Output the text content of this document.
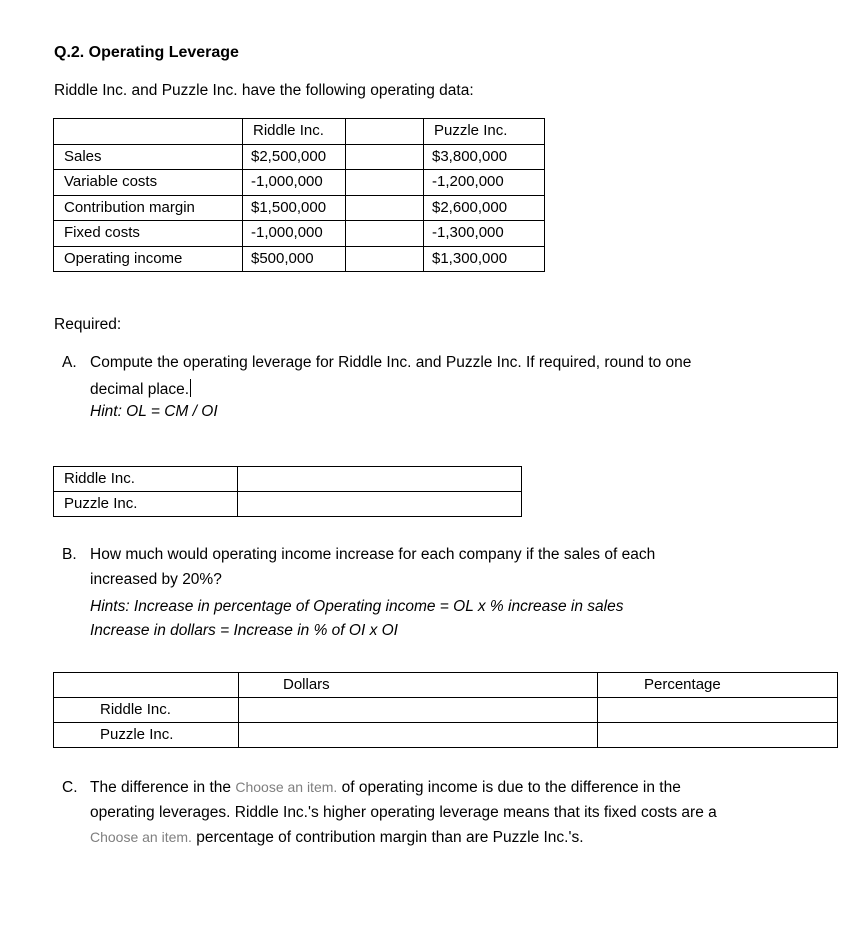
Q.2. Operating Leverage
Riddle Inc. and Puzzle Inc. have the following operating data:
	Riddle Inc.		Puzzle Inc.
Sales	$2,500,000		$3,800,000
Variable costs	-1,000,000		-1,200,000
Contribution margin	$1,500,000		$2,600,000
Fixed costs	-1,000,000		-1,300,000
Operating income	$500,000		$1,300,000
Required:
A. Compute the operating leverage for Riddle Inc. and Puzzle Inc. If required, round to one
decimal place.
Hint: OL = CM / OI
Riddle Inc.	
Puzzle Inc.	
B. How much would operating income increase for each company if the sales of each
increased by 20%?
Hints: Increase in percentage of Operating income = OL x % increase in sales
Increase in dollars = Increase in % of OI x OI
	Dollars	Percentage
Riddle Inc.		
Puzzle Inc.		
C. The difference in the Choose an item. of operating income is due to the difference in the
operating leverages. Riddle Inc.'s higher operating leverage means that its fixed costs are a
Choose an item. percentage of contribution margin than are Puzzle Inc.'s.
